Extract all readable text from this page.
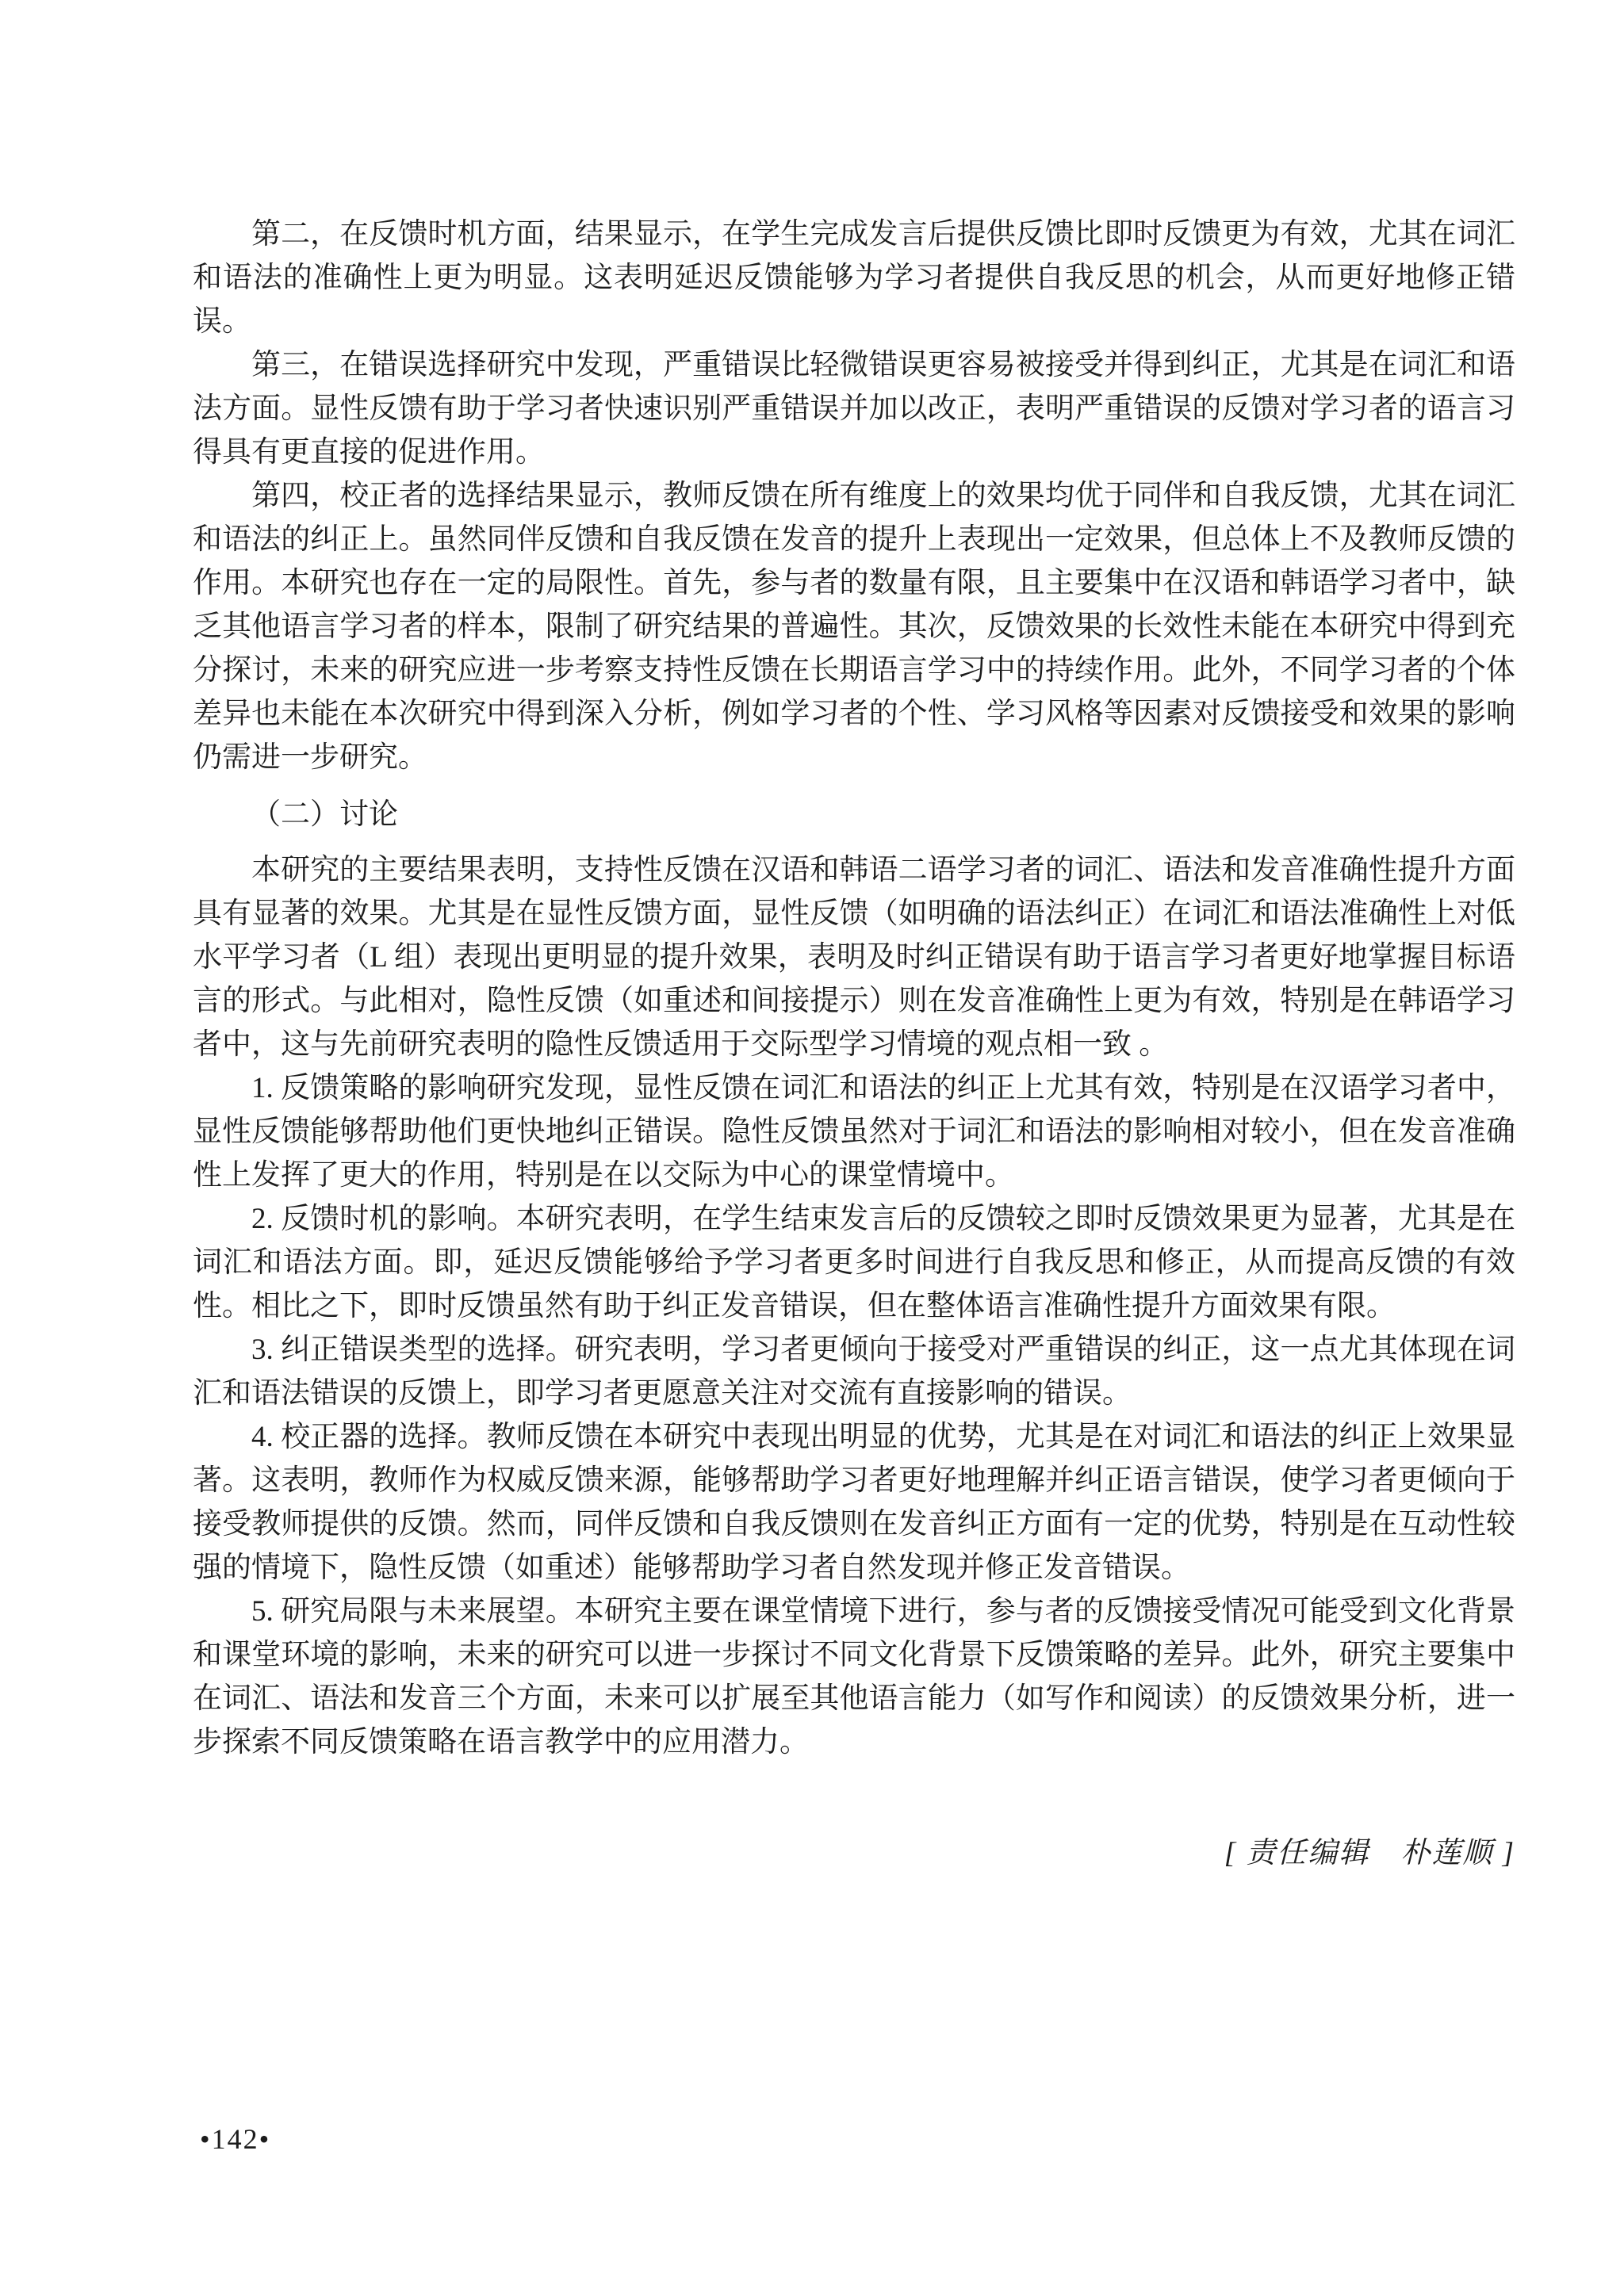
第二，在反馈时机方面，结果显示，在学生完成发言后提供反馈比即时反馈更为有效，尤其在词汇和语法的准确性上更为明显。这表明延迟反馈能够为学习者提供自我反思的机会，从而更好地修正错误。

第三，在错误选择研究中发现，严重错误比轻微错误更容易被接受并得到纠正，尤其是在词汇和语法方面。显性反馈有助于学习者快速识别严重错误并加以改正，表明严重错误的反馈对学习者的语言习得具有更直接的促进作用。

第四，校正者的选择结果显示，教师反馈在所有维度上的效果均优于同伴和自我反馈，尤其在词汇和语法的纠正上。虽然同伴反馈和自我反馈在发音的提升上表现出一定效果，但总体上不及教师反馈的作用。本研究也存在一定的局限性。首先，参与者的数量有限，且主要集中在汉语和韩语学习者中，缺乏其他语言学习者的样本，限制了研究结果的普遍性。其次，反馈效果的长效性未能在本研究中得到充分探讨，未来的研究应进一步考察支持性反馈在长期语言学习中的持续作用。此外，不同学习者的个体差异也未能在本次研究中得到深入分析，例如学习者的个性、学习风格等因素对反馈接受和效果的影响仍需进一步研究。

（二）讨论

本研究的主要结果表明，支持性反馈在汉语和韩语二语学习者的词汇、语法和发音准确性提升方面具有显著的效果。尤其是在显性反馈方面，显性反馈（如明确的语法纠正）在词汇和语法准确性上对低水平学习者（L 组）表现出更明显的提升效果，表明及时纠正错误有助于语言学习者更好地掌握目标语言的形式。与此相对，隐性反馈（如重述和间接提示）则在发音准确性上更为有效，特别是在韩语学习者中，这与先前研究表明的隐性反馈适用于交际型学习情境的观点相一致 。

1. 反馈策略的影响研究发现，显性反馈在词汇和语法的纠正上尤其有效，特别是在汉语学习者中，显性反馈能够帮助他们更快地纠正错误。隐性反馈虽然对于词汇和语法的影响相对较小，但在发音准确性上发挥了更大的作用，特别是在以交际为中心的课堂情境中。

2. 反馈时机的影响。本研究表明，在学生结束发言后的反馈较之即时反馈效果更为显著，尤其是在词汇和语法方面。即，延迟反馈能够给予学习者更多时间进行自我反思和修正，从而提高反馈的有效性。相比之下，即时反馈虽然有助于纠正发音错误，但在整体语言准确性提升方面效果有限。

3. 纠正错误类型的选择。研究表明，学习者更倾向于接受对严重错误的纠正，这一点尤其体现在词汇和语法错误的反馈上，即学习者更愿意关注对交流有直接影响的错误。

4. 校正器的选择。教师反馈在本研究中表现出明显的优势，尤其是在对词汇和语法的纠正上效果显著。这表明，教师作为权威反馈来源，能够帮助学习者更好地理解并纠正语言错误，使学习者更倾向于接受教师提供的反馈。然而，同伴反馈和自我反馈则在发音纠正方面有一定的优势，特别是在互动性较强的情境下，隐性反馈（如重述）能够帮助学习者自然发现并修正发音错误。

5. 研究局限与未来展望。本研究主要在课堂情境下进行，参与者的反馈接受情况可能受到文化背景和课堂环境的影响，未来的研究可以进一步探讨不同文化背景下反馈策略的差异。此外，研究主要集中在词汇、语法和发音三个方面，未来可以扩展至其他语言能力（如写作和阅读）的反馈效果分析，进一步探索不同反馈策略在语言教学中的应用潜力。

[ 责任编辑　朴莲顺 ]

•142•
